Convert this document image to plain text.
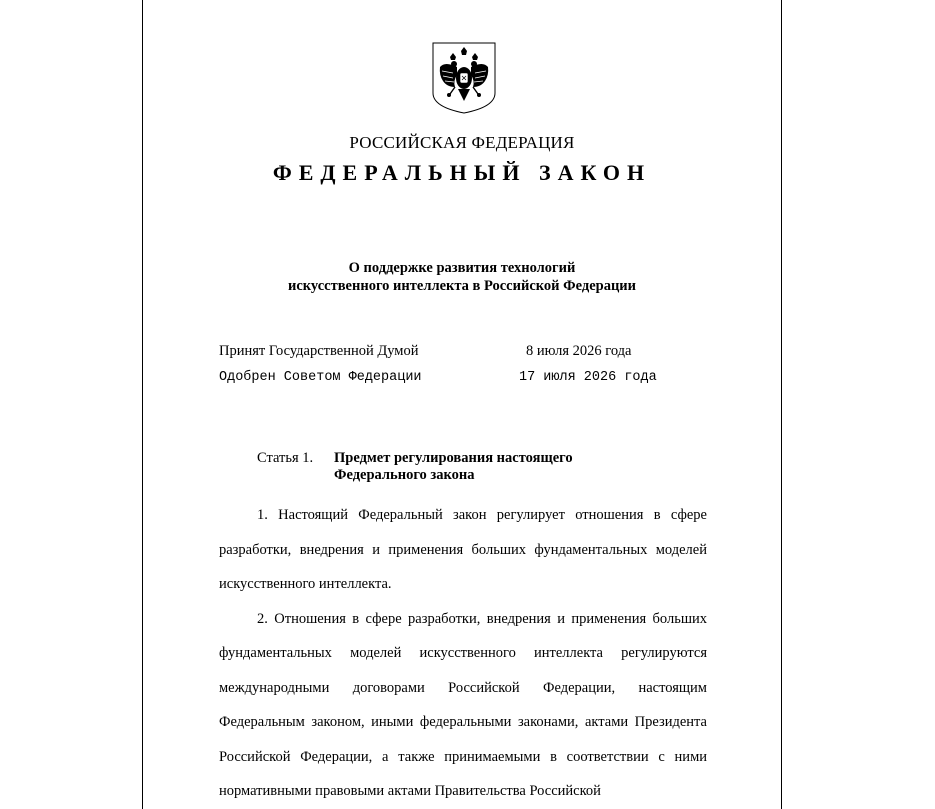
РОССИЙСКАЯ ФЕДЕРАЦИЯ
ФЕДЕРАЛЬНЫЙ ЗАКОН
О поддержке развития технологий
искусственного интеллекта в Российской Федерации
Принят Государственной Думой	8 июля 2026 года
Одобрен Советом Федерации	17 июля 2026 года
Статья 1. Предмет регулирования настоящего
Федерального закона

1. Настоящий Федеральный закон регулирует отношения в сфере разработки, внедрения и применения больших фундаментальных моделей искусственного интеллекта.

2. Отношения в сфере разработки, внедрения и применения больших фундаментальных моделей искусственного интеллекта регулируются международными договорами Российской Федерации, настоящим Федеральным законом, иными федеральными законами, актами Президента Российской Федерации, а также принимаемыми в соответствии с ними нормативными правовыми актами Правительства Российской
